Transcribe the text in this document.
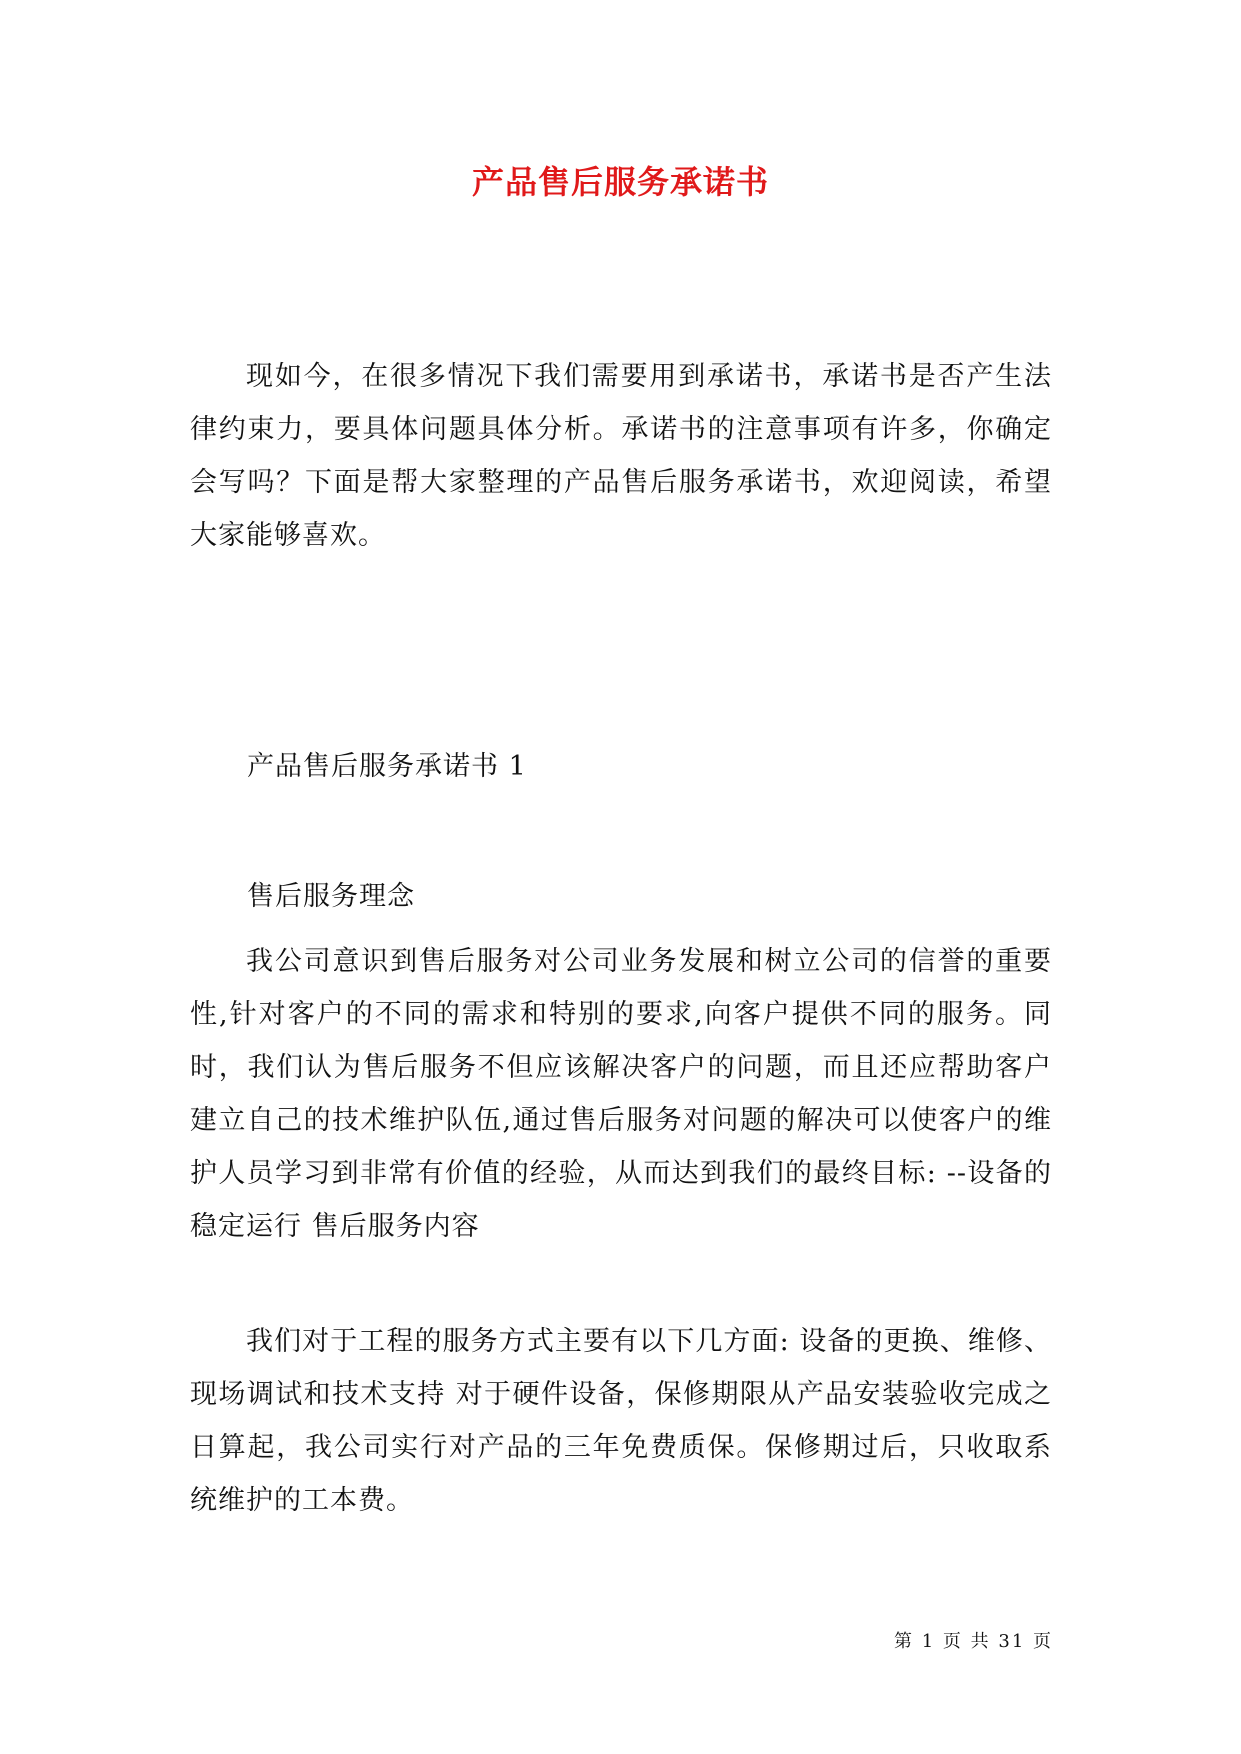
产品售后服务承诺书

现如今，在很多情况下我们需要用到承诺书，承诺书是否产生法律约束力，要具体问题具体分析。承诺书的注意事项有许多，你确定会写吗？下面是帮大家整理的产品售后服务承诺书，欢迎阅读，希望大家能够喜欢。

产品售后服务承诺书 1

售后服务理念

我公司意识到售后服务对公司业务发展和树立公司的信誉的重要性,针对客户的不同的需求和特别的要求,向客户提供不同的服务。同时，我们认为售后服务不但应该解决客户的问题，而且还应帮助客户建立自己的技术维护队伍,通过售后服务对问题的解决可以使客户的维护人员学习到非常有价值的经验，从而达到我们的最终目标: --设备的稳定运行 售后服务内容

我们对于工程的服务方式主要有以下几方面: 设备的更换、维修、现场调试和技术支持 对于硬件设备，保修期限从产品安装验收完成之日算起，我公司实行对产品的三年免费质保。保修期过后，只收取系统维护的工本费。

第 1 页 共 31 页
